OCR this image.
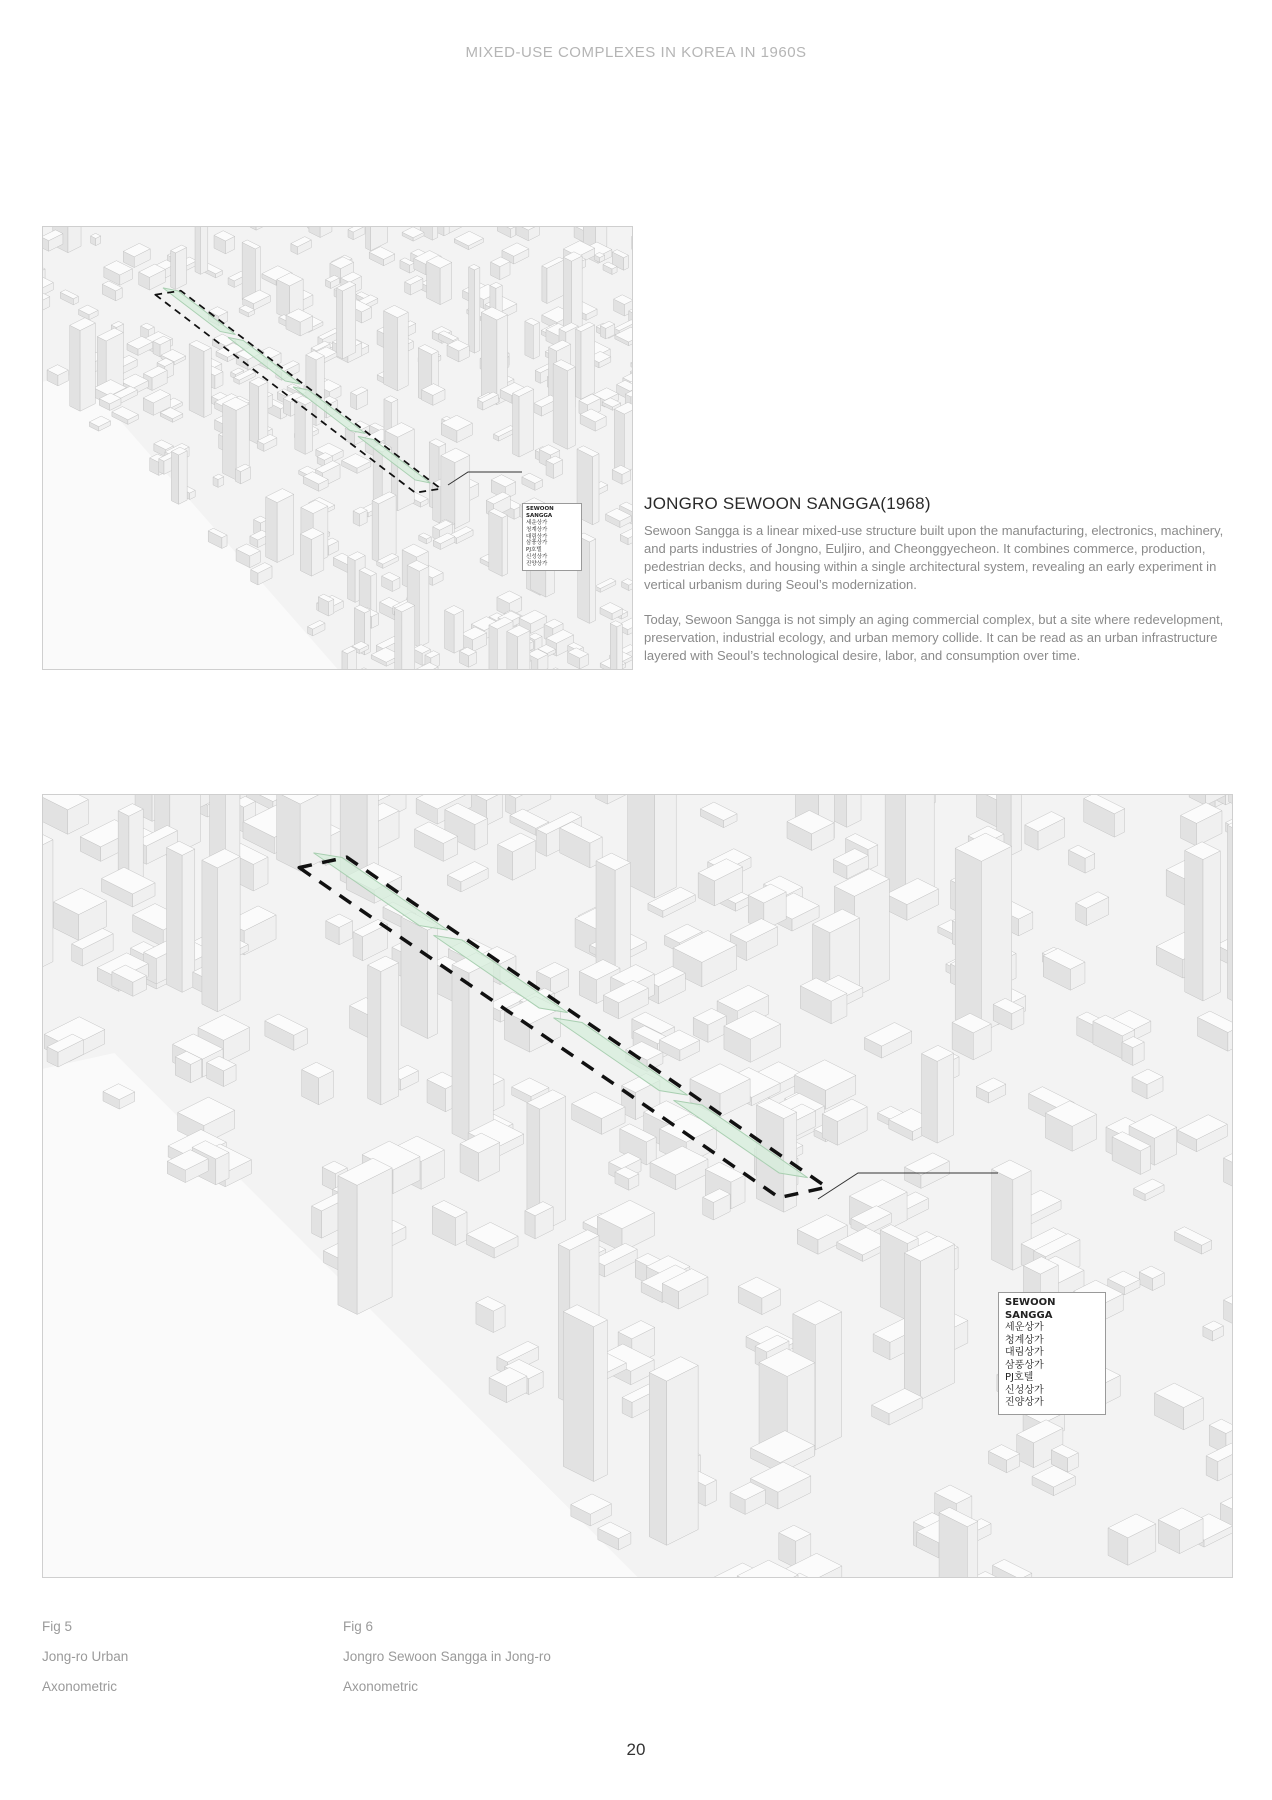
MIXED-USE COMPLEXES IN KOREA IN 1960S
SEWOON SANGGA
세운상가
청계상가
대림상가
삼풍상가
PJ호텔
신성상가
진양상가
JONGRO SEWOON SANGGA(1968)

Sewoon Sangga is a linear mixed-use structure built upon the manufacturing, electronics, machinery, and parts industries of Jongno, Euljiro, and Cheonggyecheon. It combines commerce, production, pedestrian decks, and housing within a single architectural system, revealing an early experiment in vertical urbanism during Seoul’s modernization.

Today, Sewoon Sangga is not simply an aging commercial complex, but a site where redevelopment, preservation, industrial ecology, and urban memory collide. It can be read as an urban infrastructure layered with Seoul’s technological desire, labor, and consumption over time.

SEWOON SANGGA
세운상가
청계상가
대림상가
삼풍상가
PJ호텔
신성상가
진양상가
Fig 5
Jong-ro Urban
Axonometric
Fig 6
Jongro Sewoon Sangga in Jong-ro
Axonometric
20
